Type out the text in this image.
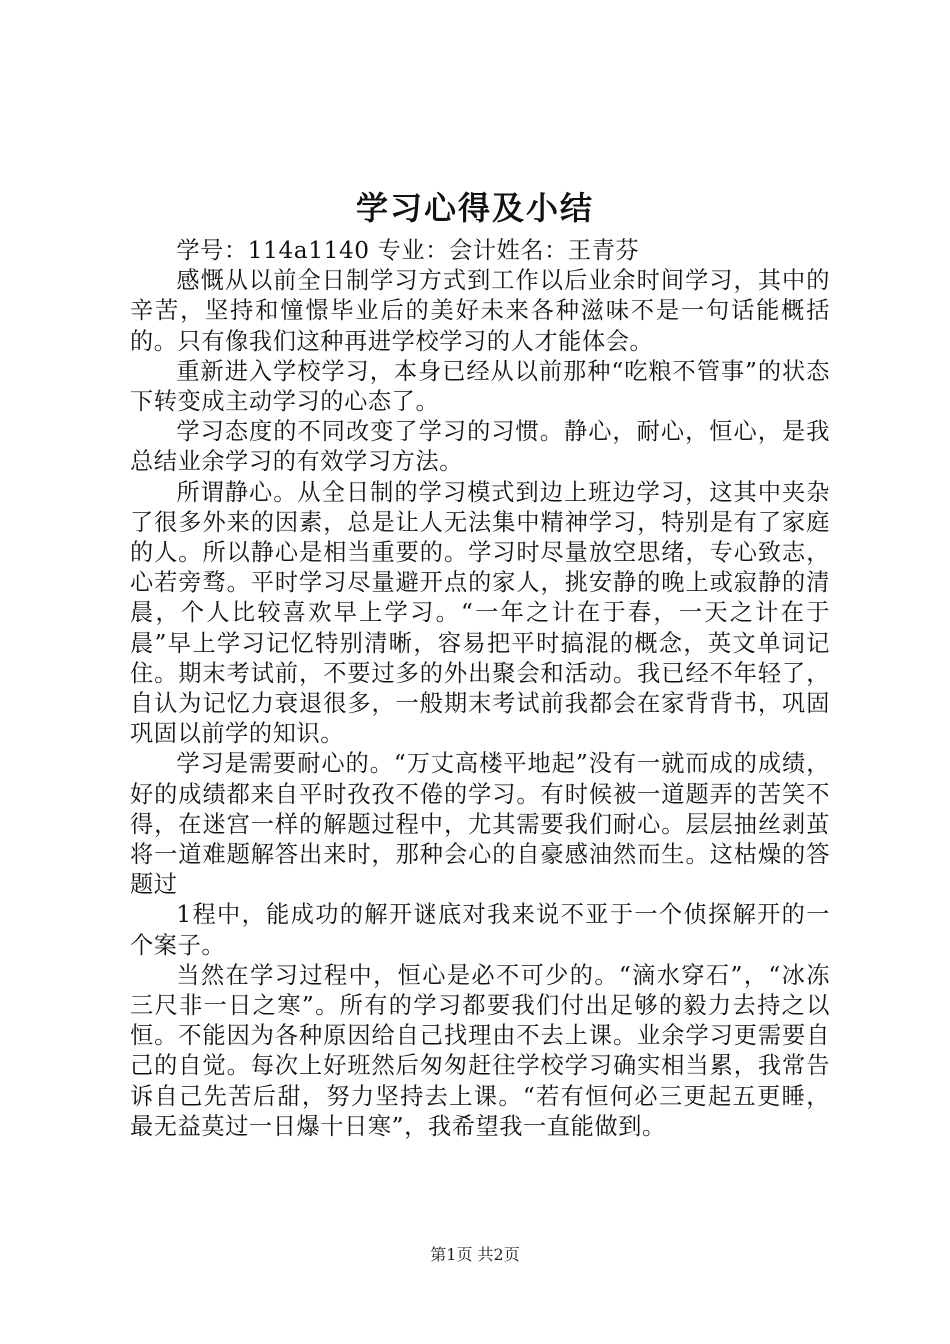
学习心得及小结

学号：114a1140 专业：会计姓名：王青芬

感慨从以前全日制学习方式到工作以后业余时间学习，其中的辛苦，坚持和憧憬毕业后的美好未来各种滋味不是一句话能概括的。只有像我们这种再进学校学习的人才能体会。

重新进入学校学习，本身已经从以前那种“吃粮不管事”的状态下转变成主动学习的心态了。

学习态度的不同改变了学习的习惯。静心，耐心，恒心，是我总结业余学习的有效学习方法。

所谓静心。从全日制的学习模式到边上班边学习，这其中夹杂了很多外来的因素，总是让人无法集中精神学习，特别是有了家庭的人。所以静心是相当重要的。学习时尽量放空思绪，专心致志，心若旁骛。平时学习尽量避开点的家人，挑安静的晚上或寂静的清晨，个人比较喜欢早上学习。“一年之计在于春，一天之计在于晨”早上学习记忆特别清晰，容易把平时搞混的概念，英文单词记住。期末考试前，不要过多的外出聚会和活动。我已经不年轻了，自认为记忆力衰退很多，一般期末考试前我都会在家背背书，巩固巩固以前学的知识。

学习是需要耐心的。“万丈高楼平地起”没有一就而成的成绩，好的成绩都来自平时孜孜不倦的学习。有时候被一道题弄的苦笑不得，在迷宫一样的解题过程中，尤其需要我们耐心。层层抽丝剥茧将一道难题解答出来时，那种会心的自豪感油然而生。这枯燥的答题过

1程中，能成功的解开谜底对我来说不亚于一个侦探解开的一个案子。

当然在学习过程中，恒心是必不可少的。“滴水穿石”，“冰冻三尺非一日之寒”。所有的学习都要我们付出足够的毅力去持之以恒。不能因为各种原因给自己找理由不去上课。业余学习更需要自己的自觉。每次上好班然后匆匆赶往学校学习确实相当累，我常告诉自己先苦后甜，努力坚持去上课。“若有恒何必三更起五更睡，最无益莫过一日爆十日寒”，我希望我一直能做到。

第1页 共2页
